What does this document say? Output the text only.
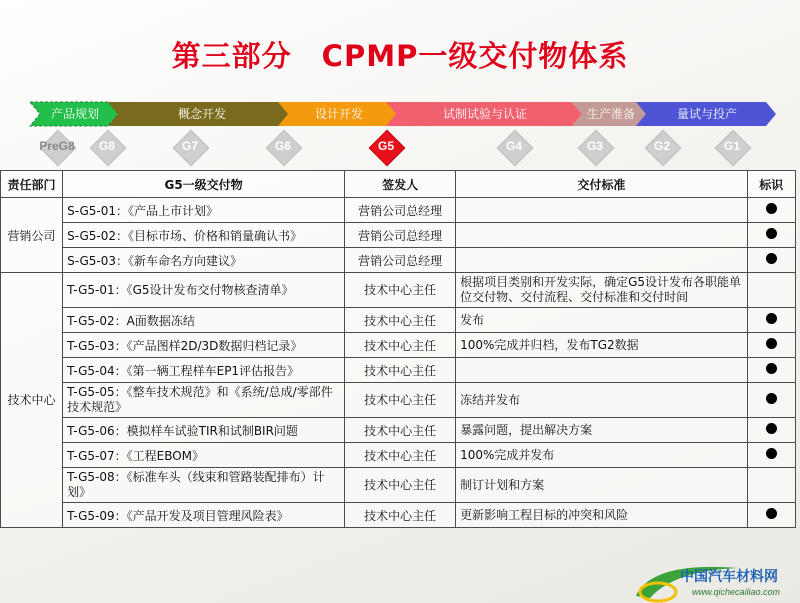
第三部分　CPMP一级交付物体系
产品规划	概念开发	设计开发	试制试验与认证	生产准备	量试与投产
PreG8	G8	G7	G6	G5	G4	G3	G2	G1
责任部门	G5一级交付物	签发人	交付标准	标识
营销公司	S-G5-01：《产品上市计划》	营销公司总经理		
	S-G5-02：《目标市场、价格和销量确认书》	营销公司总经理		
	S-G5-03：《新车命名方向建议》	营销公司总经理		
技术中心	T-G5-01：《G5设计发布交付物核查清单》	技术中心主任	根据项目类别和开发实际，确定G5设计发布各职能单位交付物、交付流程、交付标准和交付时间	
	T-G5-02：A面数据冻结	技术中心主任	发布	
	T-G5-03：《产品图样2D/3D数据归档记录》	技术中心主任	100%完成并归档，发布TG2数据	
	T-G5-04：《第一辆工程样车EP1评估报告》	技术中心主任		
	T-G5-05：《整车技术规范》和《系统/总成/零部件技术规范》	技术中心主任	冻结并发布	
	T-G5-06：模拟样车试验TIR和试制BIR问题	技术中心主任	暴露问题，提出解决方案	
	T-G5-07：《工程EBOM》	技术中心主任	100%完成并发布	
	T-G5-08：《标准车头（线束和管路装配排布）计划》	技术中心主任	制订计划和方案	
	T-G5-09：《产品开发及项目管理风险表》	技术中心主任	更新影响工程目标的冲突和风险	
中国汽车材料网
www.qichecailiao.com
